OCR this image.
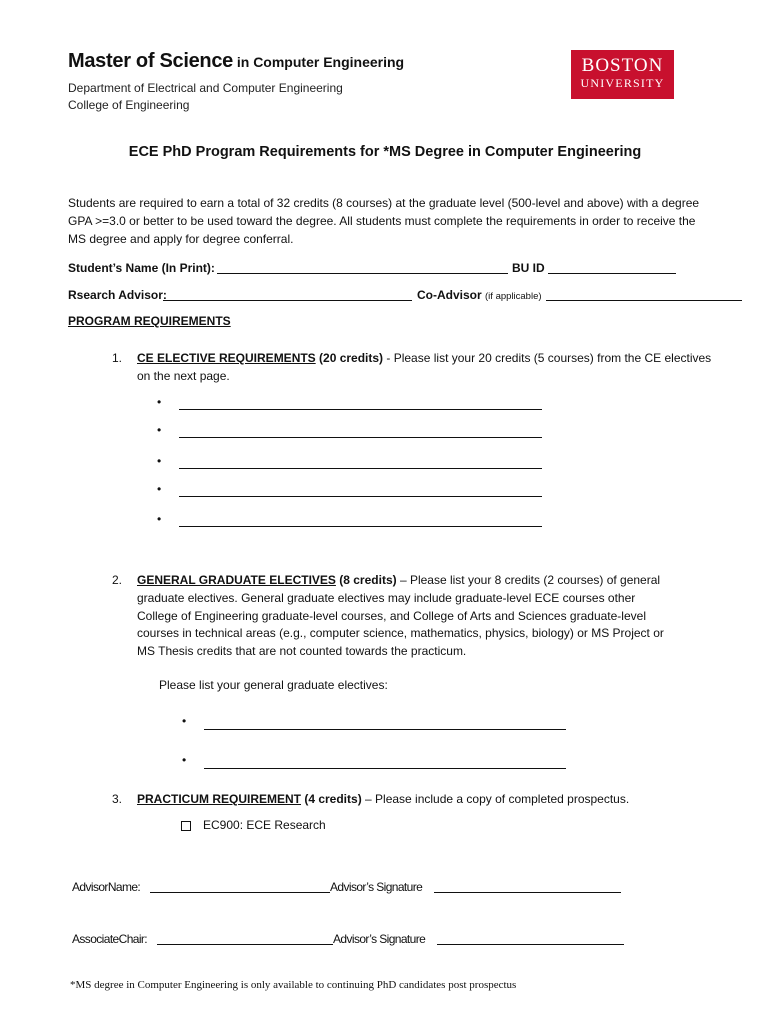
Master of Science in Computer Engineering
Department of Electrical and Computer Engineering
College of Engineering
BOSTON
UNIVERSITY
ECE PhD Program Requirements for *MS Degree in Computer Engineering
Students are required to earn a total of 32 credits (8 courses) at the graduate level (500-level and above) with a degree
GPA >=3.0 or better to be used toward the degree. All students must complete the requirements in order to receive the
MS degree and apply for degree conferral.
Student’s Name (In Print):	BU ID
Rsearch Advisor:	Co-Advisor (if applicable)
PROGRAM REQUIREMENTS
1. CE ELECTIVE REQUIREMENTS (20 credits) - Please list your 20 credits (5 courses) from the CE electives
on the next page.
•
•
•
•
•
2. GENERAL GRADUATE ELECTIVES (8 credits) – Please list your 8 credits (2 courses) of general
graduate electives. General graduate electives may include graduate-level ECE courses other
College of Engineering graduate-level courses, and College of Arts and Sciences graduate-level
courses in technical areas (e.g., computer science, mathematics, physics, biology) or MS Project or
MS Thesis credits that are not counted towards the practicum.
Please list your general graduate electives:
•
•
3. PRACTICUM REQUIREMENT (4 credits) – Please include a copy of completed prospectus.
EC900: ECE Research
AdvisorName:	Advisor’s Signature
AssociateChair:	Advisor’s Signature
*MS degree in Computer Engineering is only available to continuing PhD candidates post prospectus
